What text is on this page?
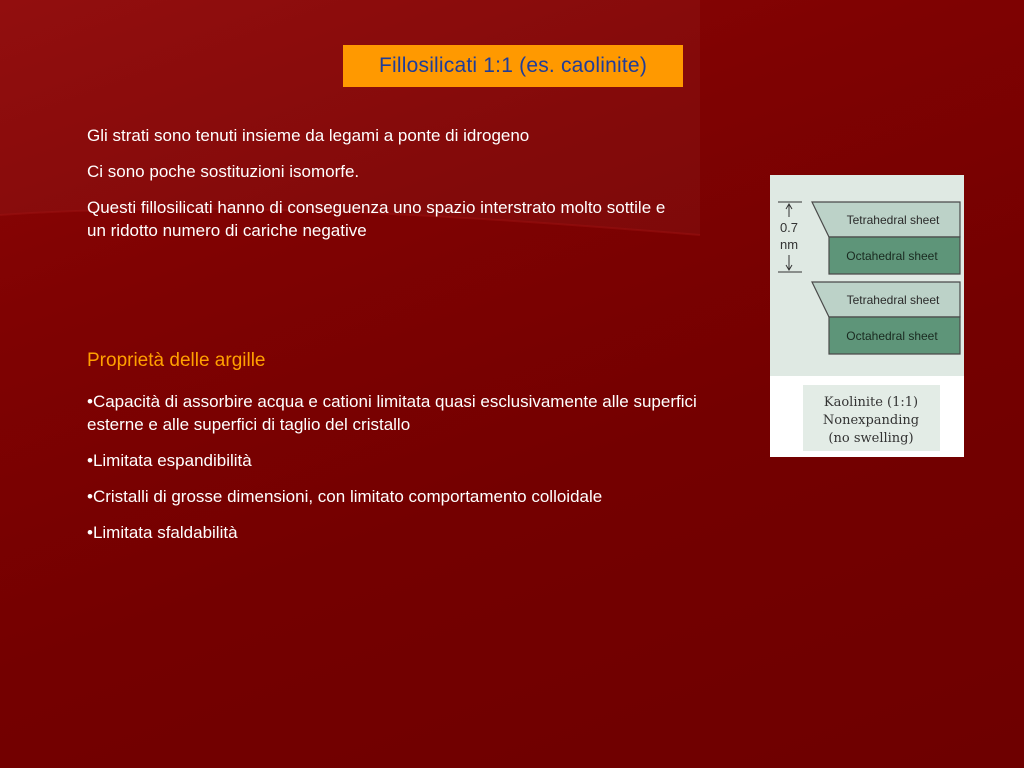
Fillosilicati 1:1 (es. caolinite)

Gli strati sono tenuti insieme da legami a ponte di idrogeno

Ci sono poche sostituzioni isomorfe.

Questi fillosilicati hanno di conseguenza uno spazio interstrato molto sottile e un ridotto numero di cariche negative

Proprietà delle argille

•Capacità di assorbire acqua e cationi limitata quasi esclusivamente alle superfici esterne e alle superfici di taglio del cristallo

•Limitata espandibilità

•Cristalli di grosse dimensioni, con limitato comportamento colloidale

•Limitata sfaldabilità

0.7
nm
Tetrahedral sheet
Octahedral sheet
Tetrahedral sheet
Octahedral sheet
Kaolinite (1:1)
Nonexpanding
(no swelling)
